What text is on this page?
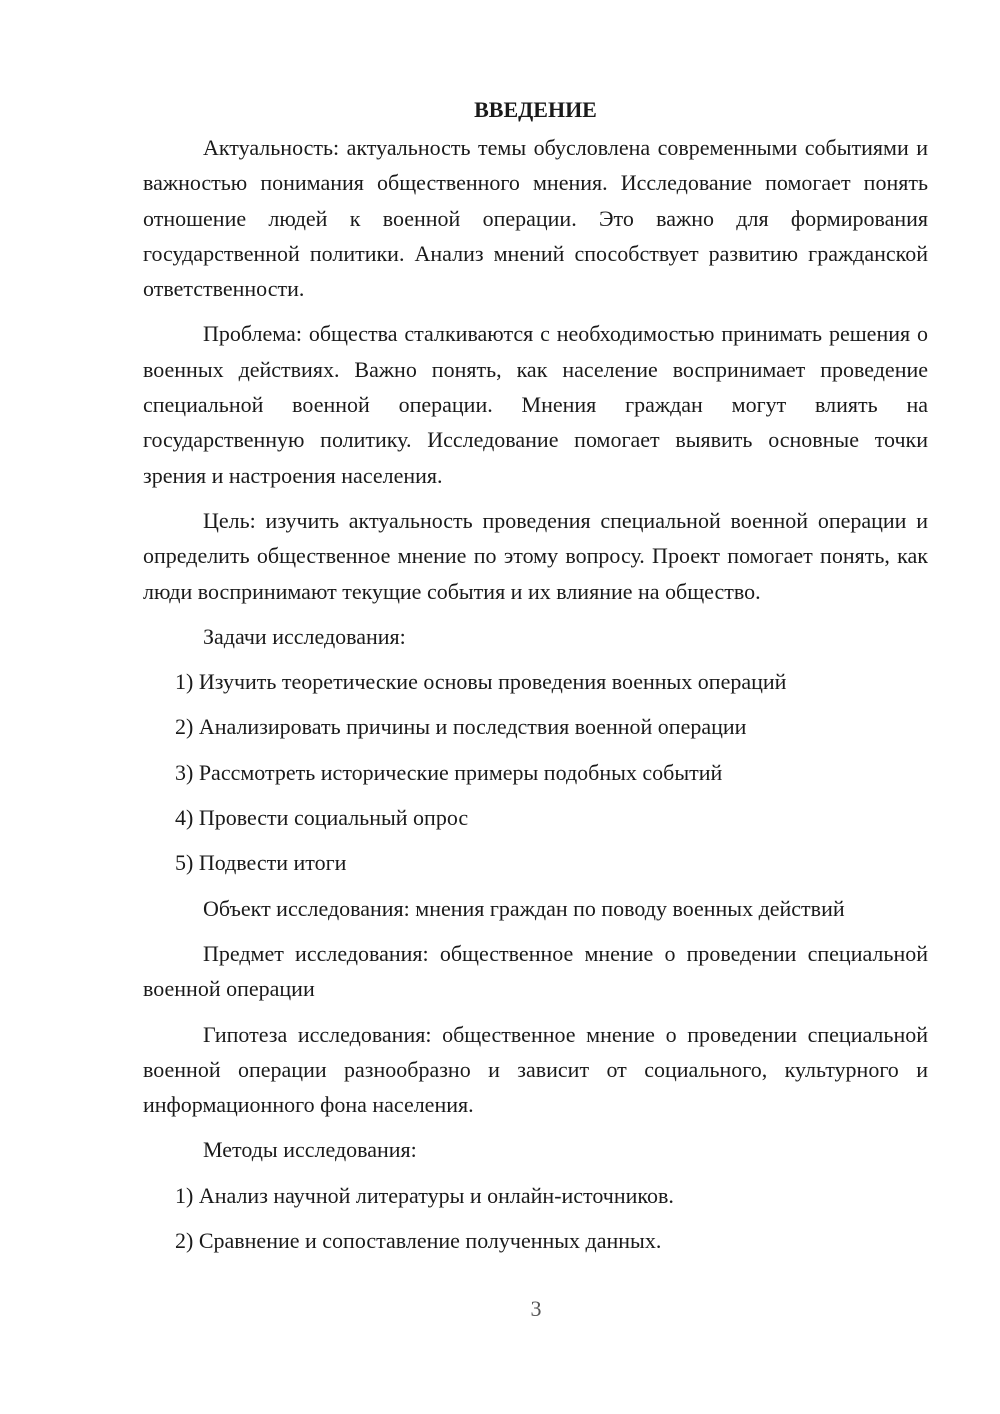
ВВЕДЕНИЕ

Актуальность: актуальность темы обусловлена современными событиями и важностью понимания общественного мнения. Исследование помогает понять отношение людей к военной операции. Это важно для формирования государственной политики. Анализ мнений способствует развитию гражданской ответственности.

Проблема: общества сталкиваются с необходимостью принимать решения о военных действиях. Важно понять, как население воспринимает проведение специальной военной операции. Мнения граждан могут влиять на государственную политику. Исследование помогает выявить основные точки зрения и настроения населения.

Цель: изучить актуальность проведения специальной военной операции и определить общественное мнение по этому вопросу. Проект помогает понять, как люди воспринимают текущие события и их влияние на общество.

Задачи исследования:

1) Изучить теоретические основы проведения военных операций

2) Анализировать причины и последствия военной операции

3) Рассмотреть исторические примеры подобных событий

4) Провести социальный опрос

5) Подвести итоги

Объект исследования: мнения граждан по поводу военных действий

Предмет исследования: общественное мнение о проведении специальной военной операции

Гипотеза исследования: общественное мнение о проведении специальной военной операции разнообразно и зависит от социального, культурного и информационного фона населения.

Методы исследования:

1) Анализ научной литературы и онлайн-источников.

2) Сравнение и сопоставление полученных данных.

3
